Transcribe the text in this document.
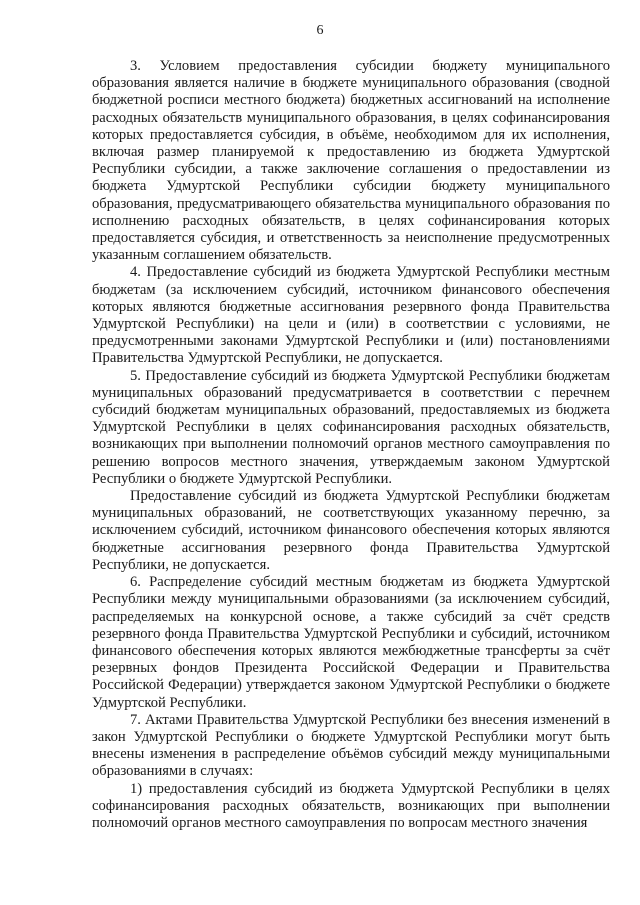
6

3. Условием предоставления субсидии бюджету муниципального образования является наличие в бюджете муниципального образования (сводной бюджетной росписи местного бюджета) бюджетных ассигнований на исполнение расходных обязательств муниципального образования, в целях софинансирования которых предоставляется субсидия, в объёме, необходимом для их исполнения, включая размер планируемой к предоставлению из бюджета Удмуртской Республики субсидии, а также заключение соглашения о предоставлении из бюджета Удмуртской Республики субсидии бюджету муниципального образования, предусматривающего обязательства муниципального образования по исполнению расходных обязательств, в целях софинансирования которых предоставляется субсидия, и ответственность за неисполнение предусмотренных указанным соглашением обязательств.

4. Предоставление субсидий из бюджета Удмуртской Республики местным бюджетам (за исключением субсидий, источником финансового обеспечения которых являются бюджетные ассигнования резервного фонда Правительства Удмуртской Республики) на цели и (или) в соответствии с условиями, не предусмотренными законами Удмуртской Республики и (или) постановлениями Правительства Удмуртской Республики, не допускается.

5. Предоставление субсидий из бюджета Удмуртской Республики бюджетам муниципальных образований предусматривается в соответствии с перечнем субсидий бюджетам муниципальных образований, предоставляемых из бюджета Удмуртской Республики в целях софинансирования расходных обязательств, возникающих при выполнении полномочий органов местного самоуправления по решению вопросов местного значения, утверждаемым законом Удмуртской Республики о бюджете Удмуртской Республики.

Предоставление субсидий из бюджета Удмуртской Республики бюджетам муниципальных образований, не соответствующих указанному перечню, за исключением субсидий, источником финансового обеспечения которых являются бюджетные ассигнования резервного фонда Правительства Удмуртской Республики, не допускается.

6. Распределение субсидий местным бюджетам из бюджета Удмуртской Республики между муниципальными образованиями (за исключением субсидий, распределяемых на конкурсной основе, а также субсидий за счёт средств резервного фонда Правительства Удмуртской Республики и субсидий, источником финансового обеспечения которых являются межбюджетные трансферты за счёт резервных фондов Президента Российской Федерации и Правительства Российской Федерации) утверждается законом Удмуртской Республики о бюджете Удмуртской Республики.

7. Актами Правительства Удмуртской Республики без внесения изменений в закон Удмуртской Республики о бюджете Удмуртской Республики могут быть внесены изменения в распределение объёмов субсидий между муниципальными образованиями в случаях:

1) предоставления субсидий из бюджета Удмуртской Республики в целях софинансирования расходных обязательств, возникающих при выполнении полномочий органов местного самоуправления по вопросам местного значения
